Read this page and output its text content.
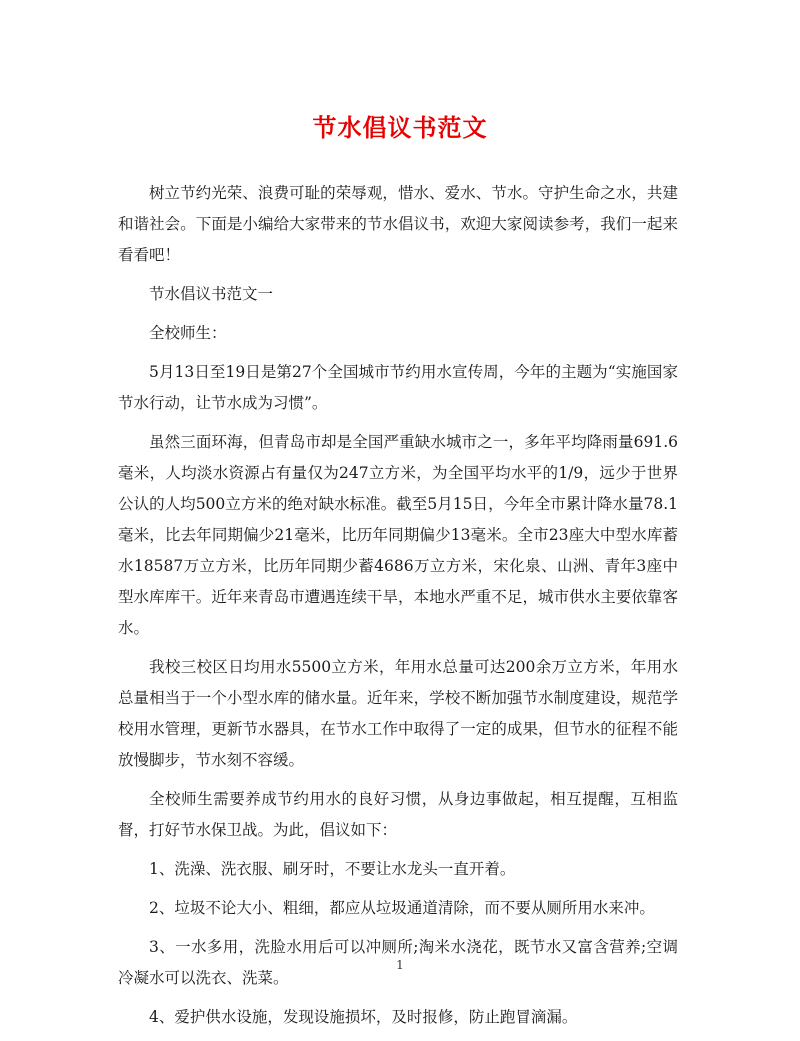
节水倡议书范文

树立节约光荣、浪费可耻的荣辱观，惜水、爱水、节水。守护生命之水，共建和谐社会。下面是小编给大家带来的节水倡议书，欢迎大家阅读参考，我们一起来看看吧！

节水倡议书范文一

全校师生：

5月13日至19日是第27个全国城市节约用水宣传周，今年的主题为“实施国家节水行动，让节水成为习惯”。

虽然三面环海，但青岛市却是全国严重缺水城市之一，多年平均降雨量691.6毫米，人均淡水资源占有量仅为247立方米，为全国平均水平的1/9，远少于世界公认的人均500立方米的绝对缺水标准。截至5月15日，今年全市累计降水量78.1毫米，比去年同期偏少21毫米，比历年同期偏少13毫米。全市23座大中型水库蓄水18587万立方米，比历年同期少蓄4686万立方米，宋化泉、山洲、青年3座中型水库库干。近年来青岛市遭遇连续干旱，本地水严重不足，城市供水主要依靠客水。

我校三校区日均用水5500立方米，年用水总量可达200余万立方米，年用水总量相当于一个小型水库的储水量。近年来，学校不断加强节水制度建设，规范学校用水管理，更新节水器具，在节水工作中取得了一定的成果，但节水的征程不能放慢脚步，节水刻不容缓。

全校师生需要养成节约用水的良好习惯，从身边事做起，相互提醒，互相监督，打好节水保卫战。为此，倡议如下：

1、洗澡、洗衣服、刷牙时，不要让水龙头一直开着。

2、垃圾不论大小、粗细，都应从垃圾通道清除，而不要从厕所用水来冲。

3、一水多用，洗脸水用后可以冲厕所;淘米水浇花，既节水又富含营养;空调冷凝水可以洗衣、洗菜。

4、爱护供水设施，发现设施损坏，及时报修，防止跑冒滴漏。

1
